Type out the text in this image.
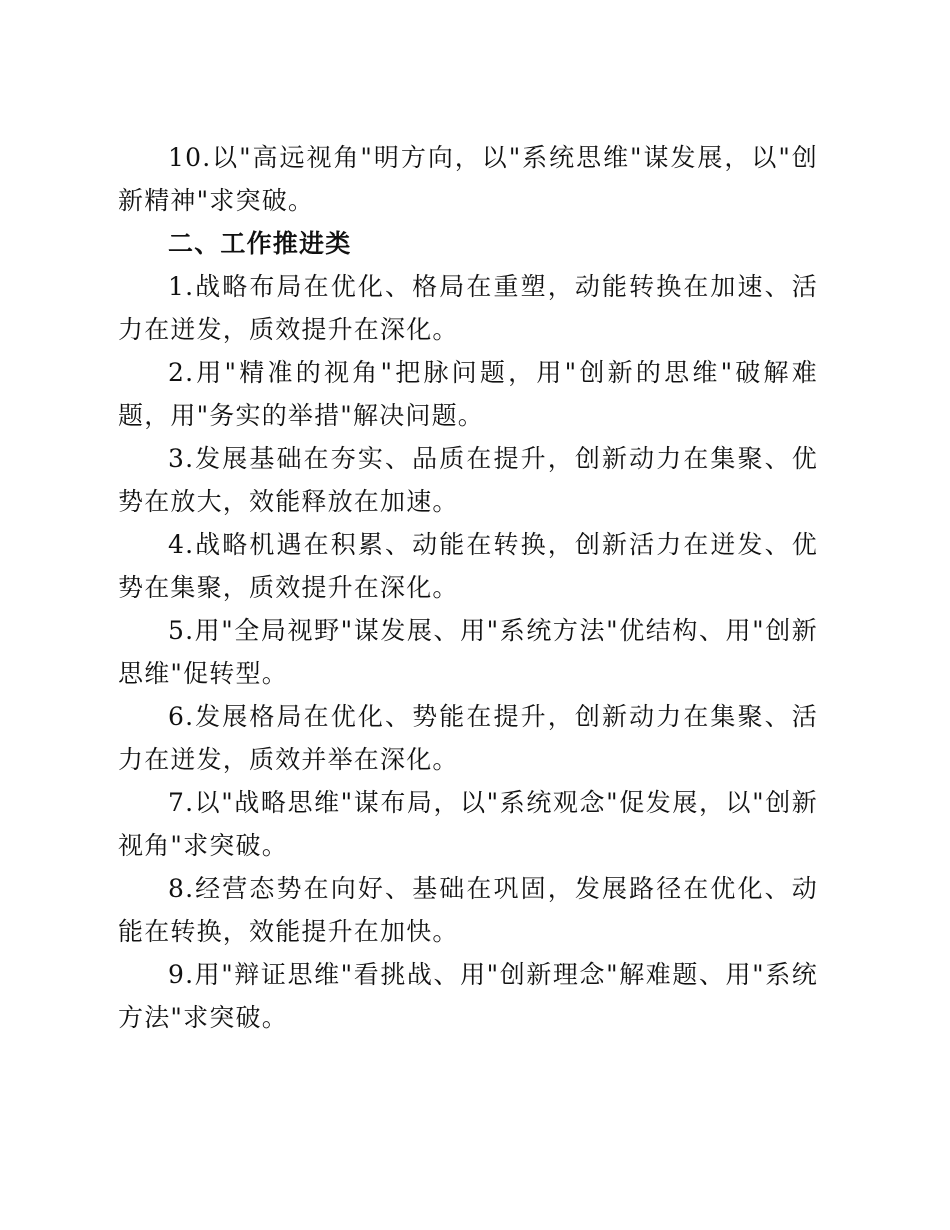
10.以"高远视角"明方向，以"系统思维"谋发展，以"创新精神"求突破。

二、工作推进类

1.战略布局在优化、格局在重塑，动能转换在加速、活力在迸发，质效提升在深化。

2.用"精准的视角"把脉问题，用"创新的思维"破解难题，用"务实的举措"解决问题。

3.发展基础在夯实、品质在提升，创新动力在集聚、优势在放大，效能释放在加速。

4.战略机遇在积累、动能在转换，创新活力在迸发、优势在集聚，质效提升在深化。

5.用"全局视野"谋发展、用"系统方法"优结构、用"创新思维"促转型。

6.发展格局在优化、势能在提升，创新动力在集聚、活力在迸发，质效并举在深化。

7.以"战略思维"谋布局，以"系统观念"促发展，以"创新视角"求突破。

8.经营态势在向好、基础在巩固，发展路径在优化、动能在转换，效能提升在加快。

9.用"辩证思维"看挑战、用"创新理念"解难题、用"系统方法"求突破。
